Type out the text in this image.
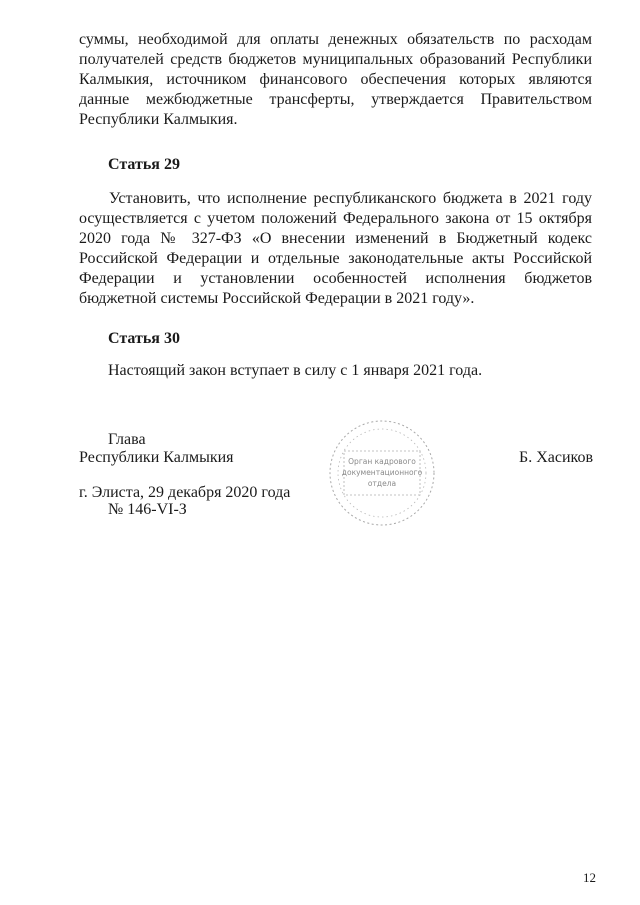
суммы, необходимой для оплаты денежных обязательств по расходам получателей средств бюджетов муниципальных образований Республики Калмыкия, источником финансового обеспечения которых являются данные межбюджетные трансферты, утверждается Правительством Республики Калмыкия.

Статья 29

Установить, что исполнение республиканского бюджета в 2021 году осуществляется с учетом положений Федерального закона от 15 октября 2020 года № 327-ФЗ «О внесении изменений в Бюджетный кодекс Российской Федерации и отдельные законодательные акты Российской Федерации и установлении особенностей исполнения бюджетов бюджетной системы Российской Федерации в 2021 году».

Статья 30

Настоящий закон вступает в силу с 1 января 2021 года.

Глава

Республики Калмыкия	Б. Хасиков

Орган кадрового
документационного
отдела

г. Элиста, 29 декабря 2020 года

№ 146-VI-З

12
